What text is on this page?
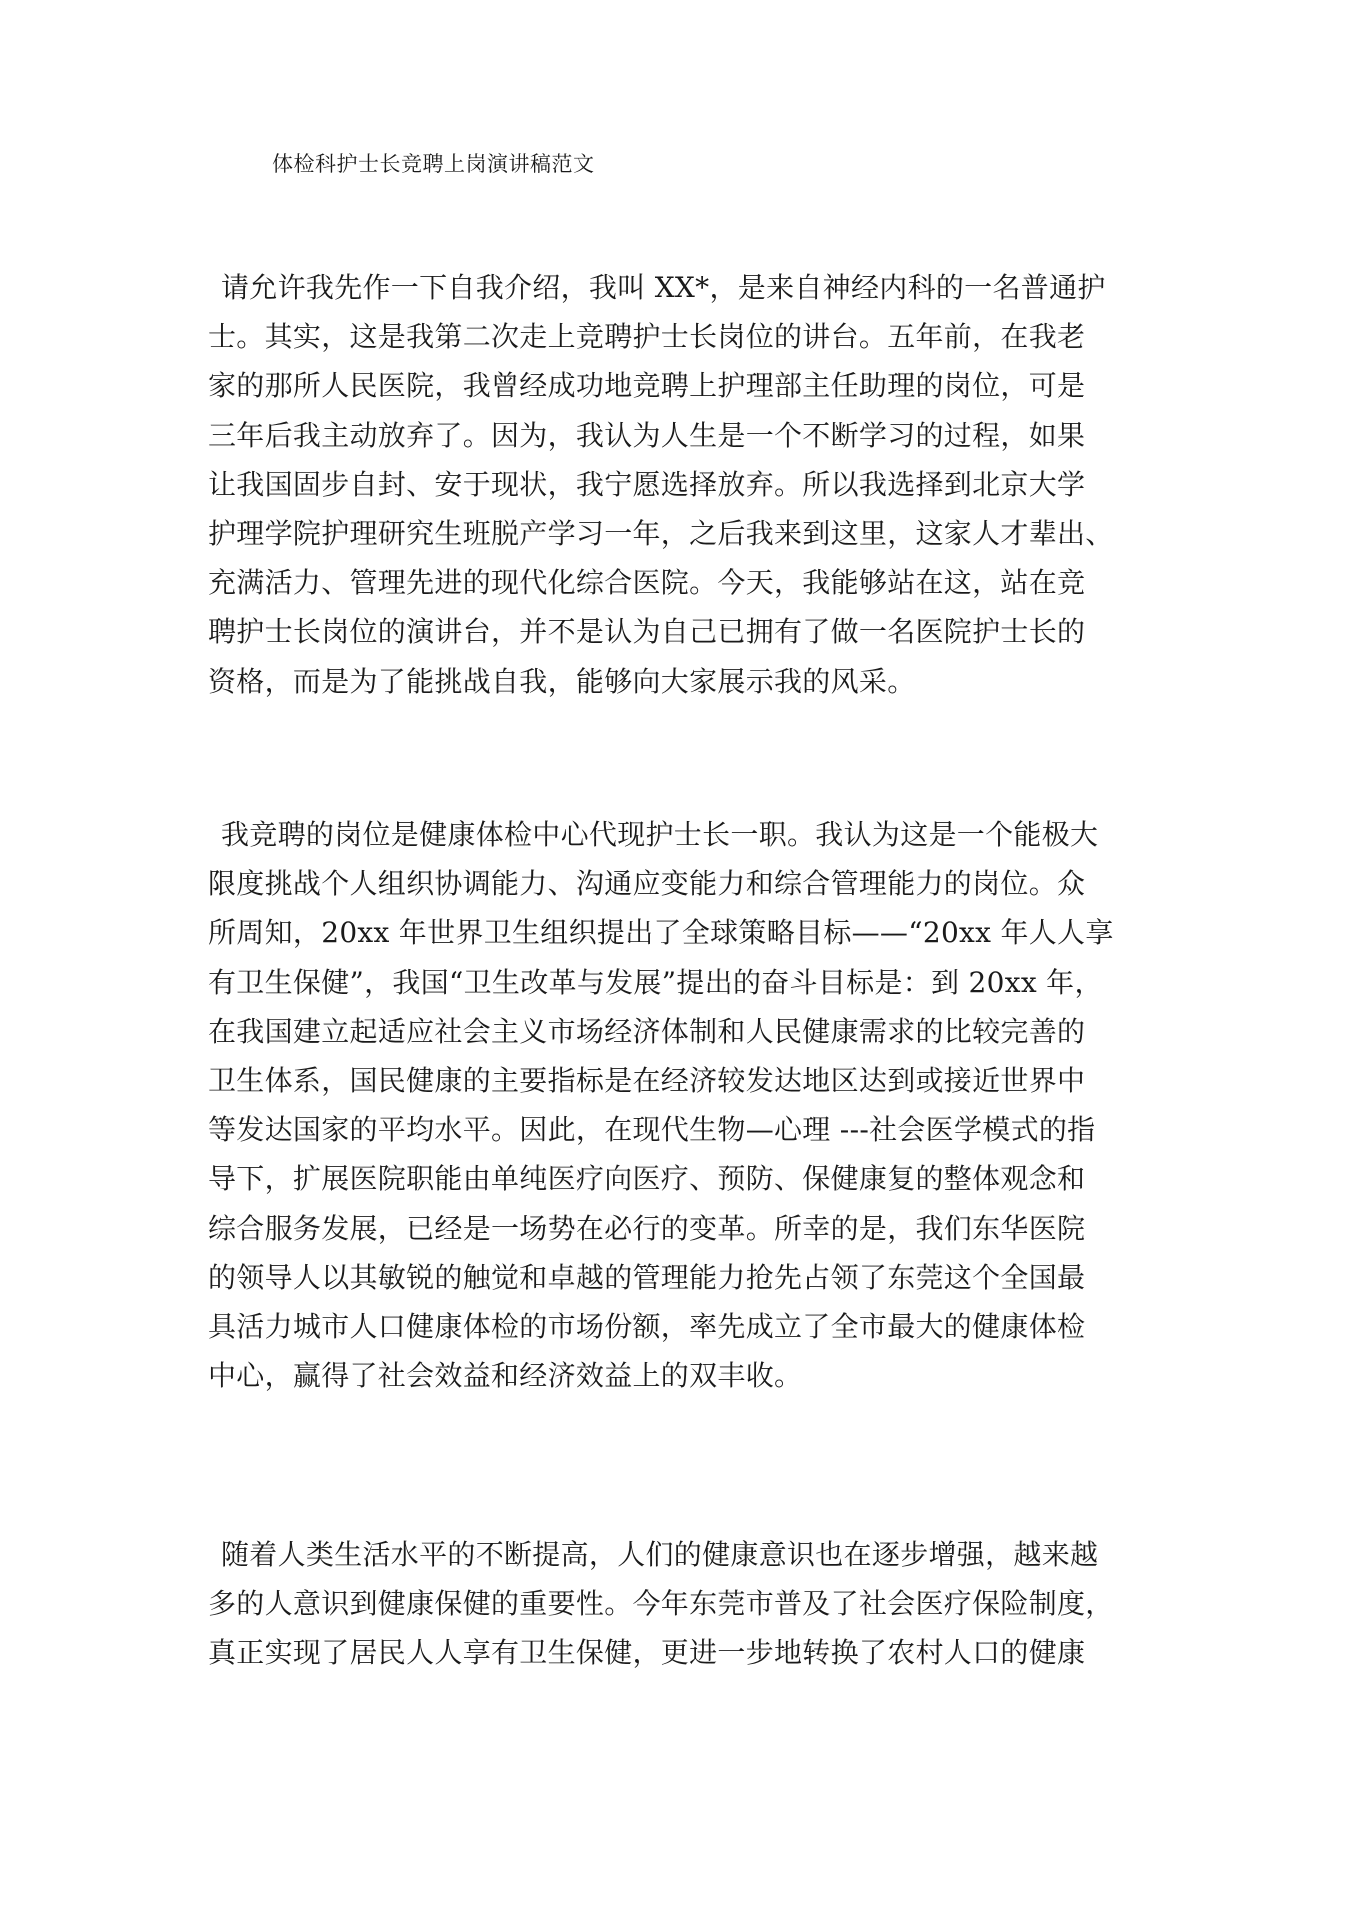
体检科护士长竞聘上岗演讲稿范文
请允许我先作一下自我介绍，我叫 XX*，是来自神经内科的一名普通护
士。其实，这是我第二次走上竞聘护士长岗位的讲台。五年前，在我老
家的那所人民医院，我曾经成功地竞聘上护理部主任助理的岗位，可是
三年后我主动放弃了。因为，我认为人生是一个不断学习的过程，如果
让我国固步自封、安于现状，我宁愿选择放弃。所以我选择到北京大学
护理学院护理研究生班脱产学习一年，之后我来到这里，这家人才辈出、
充满活力、管理先进的现代化综合医院。今天，我能够站在这，站在竞
聘护士长岗位的演讲台，并不是认为自己已拥有了做一名医院护士长的
资格，而是为了能挑战自我，能够向大家展示我的风采。
我竞聘的岗位是健康体检中心代现护士长一职。我认为这是一个能极大
限度挑战个人组织协调能力、沟通应变能力和综合管理能力的岗位。众
所周知，20xx 年世界卫生组织提出了全球策略目标——“20xx 年人人享
有卫生保健”，我国“卫生改革与发展”提出的奋斗目标是：到 20xx 年，
在我国建立起适应社会主义市场经济体制和人民健康需求的比较完善的
卫生体系，国民健康的主要指标是在经济较发达地区达到或接近世界中
等发达国家的平均水平。因此，在现代生物—心理 ---社会医学模式的指
导下，扩展医院职能由单纯医疗向医疗、预防、保健康复的整体观念和
综合服务发展，已经是一场势在必行的变革。所幸的是，我们东华医院
的领导人以其敏锐的触觉和卓越的管理能力抢先占领了东莞这个全国最
具活力城市人口健康体检的市场份额，率先成立了全市最大的健康体检
中心，赢得了社会效益和经济效益上的双丰收。
随着人类生活水平的不断提高，人们的健康意识也在逐步增强，越来越
多的人意识到健康保健的重要性。今年东莞市普及了社会医疗保险制度，
真正实现了居民人人享有卫生保健，更进一步地转换了农村人口的健康
